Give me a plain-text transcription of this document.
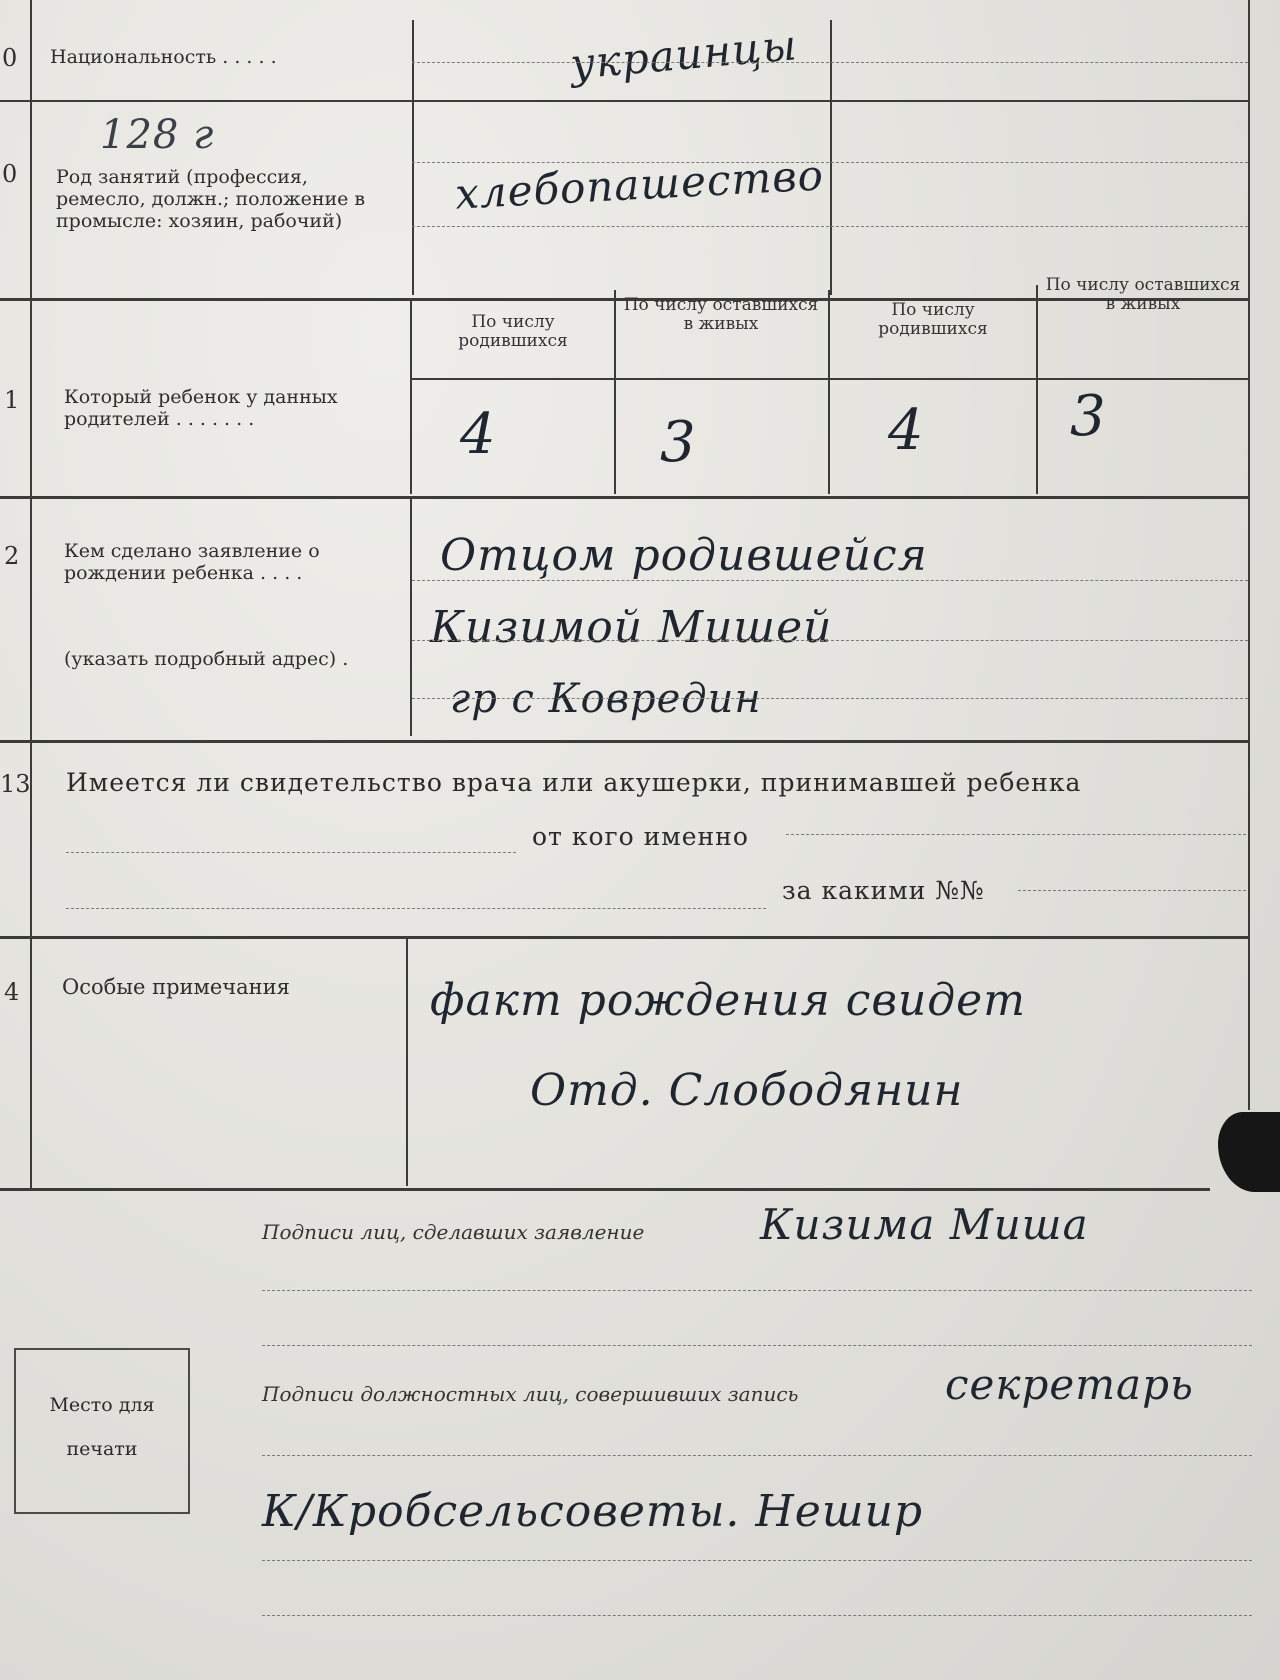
0 Национальность . . . . .	украинцы
0
128 г
Род занятий (профессия, ремесло, должн.; положение в промысле: хозяин, рабочий)
хлебопашество
1 Который ребенок у данных родителей . . . . . . .
По числу родившихся
По числу оставшихся в живых
По числу родившихся
По числу оставшихся в живых
4	3	4	3
2 Кем сделано заявление о рождении ребенка . . . .
(указать подробный адрес) .
Отцом родившейся
Кизимой Мишей
гр с Ковредин
13 Имеется ли свидетельство врача или акушерки, принимавшей ребенка
от кого именно
за какими №№
4 Особые примечания	факт рождения свидет
Отд. Слободянин
Подписи лиц, сделавших заявление	Кизима Миша
Место для
печати
Подписи должностных лиц, совершивших запись	секретарь
К/Кробсельсоветы. Нешир
